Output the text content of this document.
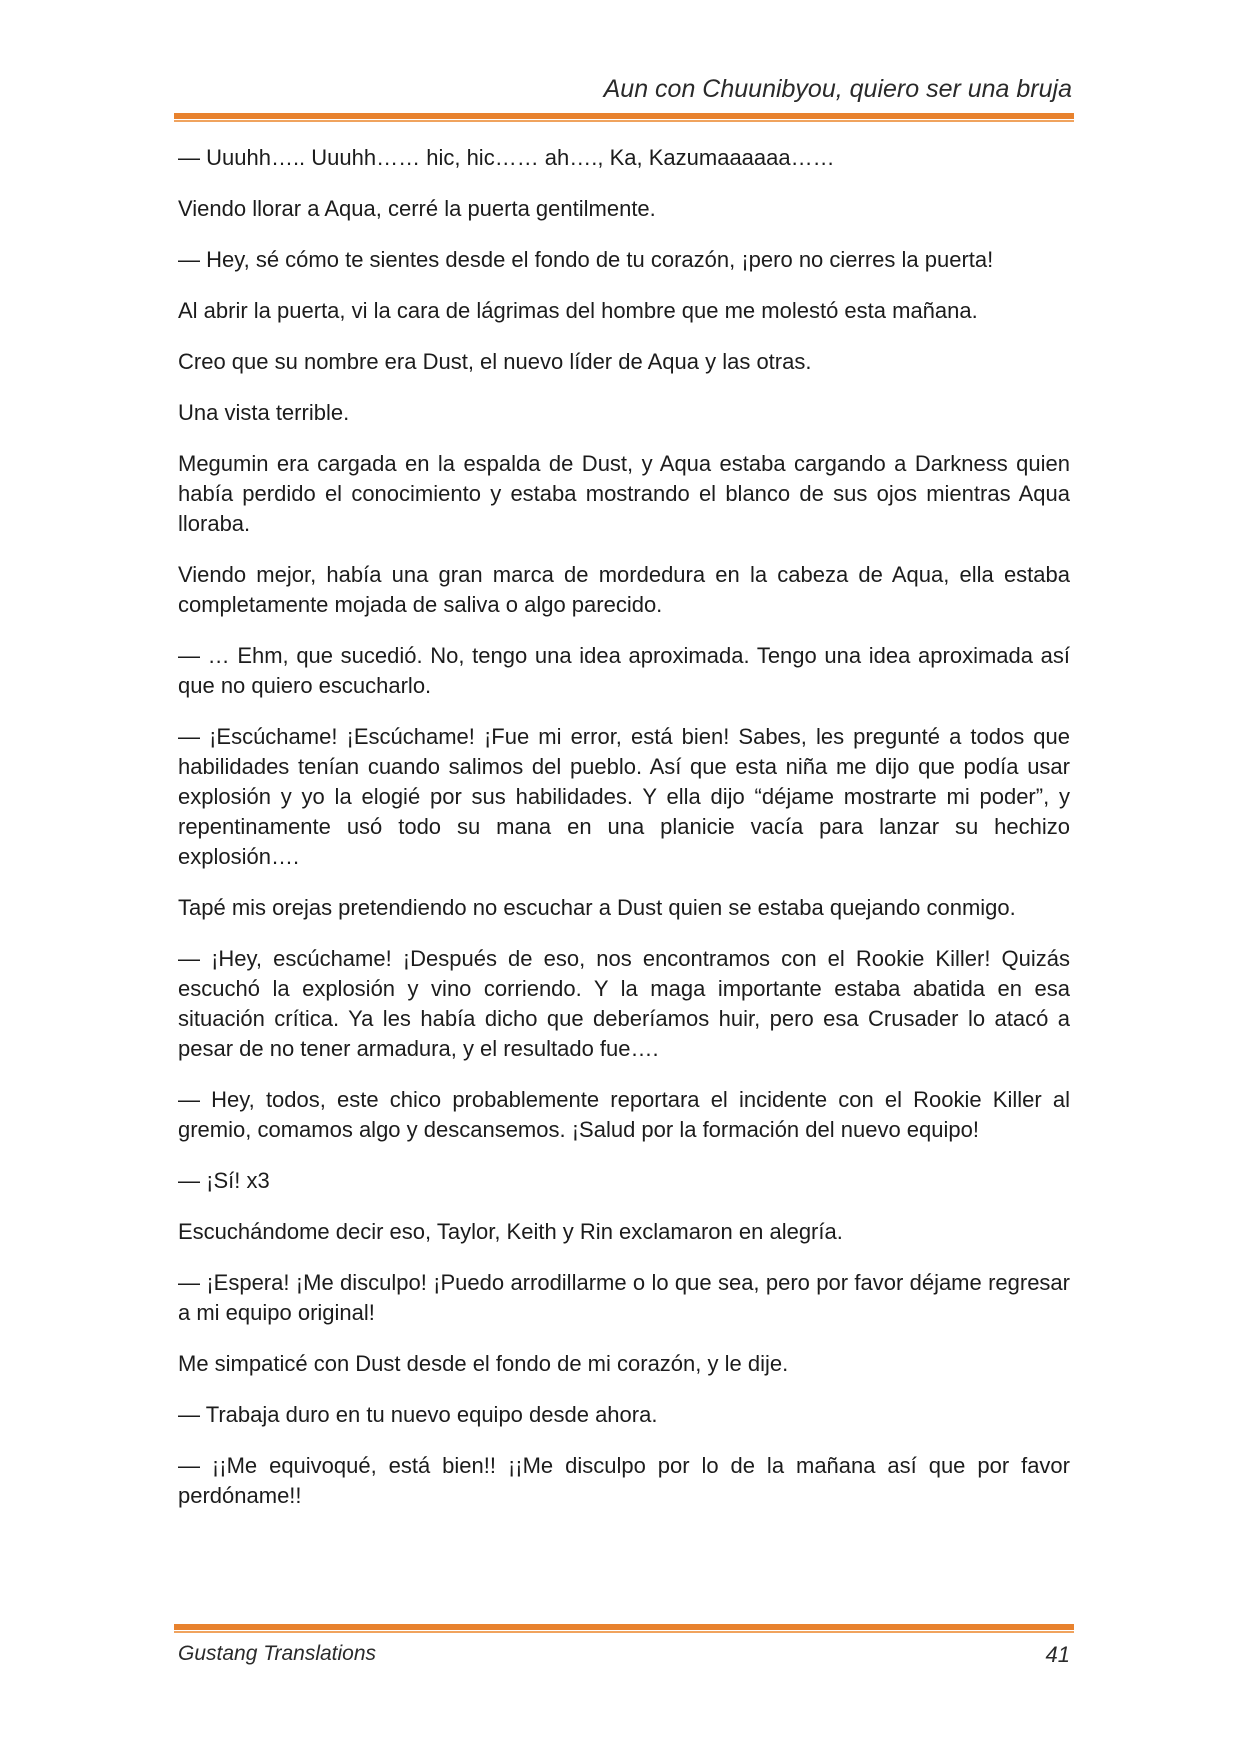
Aun con Chuunibyou, quiero ser una bruja

— Uuuhh….. Uuuhh…… hic, hic…… ah…., Ka, Kazumaaaaaa……

Viendo llorar a Aqua, cerré la puerta gentilmente.

— Hey, sé cómo te sientes desde el fondo de tu corazón, ¡pero no cierres la puerta!

Al abrir la puerta, vi la cara de lágrimas del hombre que me molestó esta mañana.

Creo que su nombre era Dust, el nuevo líder de Aqua y las otras.

Una vista terrible.

Megumin era cargada en la espalda de Dust, y Aqua estaba cargando a Darkness quien había perdido el conocimiento y estaba mostrando el blanco de sus ojos mientras Aqua lloraba.

Viendo mejor, había una gran marca de mordedura en la cabeza de Aqua, ella estaba completamente mojada de saliva o algo parecido.

— … Ehm, que sucedió. No, tengo una idea aproximada. Tengo una idea aproximada así que no quiero escucharlo.

— ¡Escúchame! ¡Escúchame! ¡Fue mi error, está bien! Sabes, les pregunté a todos que habilidades tenían cuando salimos del pueblo. Así que esta niña me dijo que podía usar explosión y yo la elogié por sus habilidades. Y ella dijo “déjame mostrarte mi poder”, y repentinamente usó todo su mana en una planicie vacía para lanzar su hechizo explosión….

Tapé mis orejas pretendiendo no escuchar a Dust quien se estaba quejando conmigo.

— ¡Hey, escúchame! ¡Después de eso, nos encontramos con el Rookie Killer! Quizás escuchó la explosión y vino corriendo. Y la maga importante estaba abatida en esa situación crítica. Ya les había dicho que deberíamos huir, pero esa Crusader lo atacó a pesar de no tener armadura, y el resultado fue….

— Hey, todos, este chico probablemente reportara el incidente con el Rookie Killer al gremio, comamos algo y descansemos. ¡Salud por la formación del nuevo equipo!

— ¡Sí! x3

Escuchándome decir eso, Taylor, Keith y Rin exclamaron en alegría.

— ¡Espera! ¡Me disculpo! ¡Puedo arrodillarme o lo que sea, pero por favor déjame regresar a mi equipo original!

Me simpaticé con Dust desde el fondo de mi corazón, y le dije.

— Trabaja duro en tu nuevo equipo desde ahora.

— ¡¡Me equivoqué, está bien!! ¡¡Me disculpo por lo de la mañana así que por favor perdóname!!

Gustang Translations	41
